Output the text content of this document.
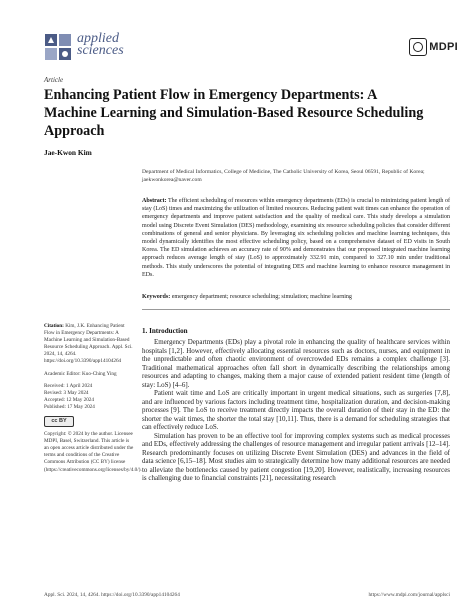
applied
sciences	MDPI
Article
Enhancing Patient Flow in Emergency Departments: A Machine Learning and Simulation-Based Resource Scheduling Approach
Jae-Kwon Kim
Department of Medical Informatics, College of Medicine, The Catholic University of Korea, Seoul 06591, Republic of Korea; jaekwonkorea@naver.com
Abstract: The efficient scheduling of resources within emergency departments (EDs) is crucial to minimizing patient length of stay (LoS) times and maximizing the utilization of limited resources. Reducing patient wait times can enhance the operation of emergency departments and improve patient satisfaction and the quality of medical care. This study develops a simulation model using Discrete Event Simulation (DES) methodology, examining six resource scheduling policies that consider different combinations of general and senior physicians. By leveraging six scheduling policies and machine learning techniques, this model dynamically identifies the most effective scheduling policy, based on a comprehensive dataset of ED visits in South Korea. The ED simulation achieves an accuracy rate of 90% and demonstrates that our proposed integrated machine learning approach reduces average length of stay (LoS) to approximately 332.91 min, compared to 327.10 min under traditional methods. This study underscores the potential of integrating DES and machine learning to enhance resource management in EDs.
Keywords: emergency department; resource scheduling; simulation; machine learning
Citation: Kim, J.K. Enhancing Patient Flow in Emergency Departments: A Machine Learning and Simulation-Based Resource Scheduling Approach. Appl. Sci. 2024, 14, 4264. https://doi.org/10.3390/app14104264
Academic Editor: Kuo-Ching Ying
Received: 1 April 2024
Revised: 3 May 2024
Accepted: 12 May 2024
Published: 17 May 2024
cc BY
Copyright: © 2024 by the author. Licensee MDPI, Basel, Switzerland. This article is an open access article distributed under the terms and conditions of the Creative Commons Attribution (CC BY) license (https://creativecommons.org/licenses/by/4.0/).
1. Introduction

Emergency Departments (EDs) play a pivotal role in enhancing the quality of healthcare services within hospitals [1,2]. However, effectively allocating essential resources such as doctors, nurses, and equipment in the unpredictable and often chaotic environment of overcrowded EDs remains a complex challenge [3]. Traditional mathematical approaches often fall short in dynamically describing the relationships among resources and adapting to changes, making them a major cause of extended patient resident time (length of stay: LoS) [4–6].

Patient wait time and LoS are critically important in urgent medical situations, such as surgeries [7,8], and are influenced by various factors including treatment time, hospitalization duration, and decision-making processes [9]. The LoS to receive treatment directly impacts the overall duration of their stay in the ED: the shorter the wait times, the shorter the total stay [10,11]. Thus, there is a demand for scheduling strategies that can effectively reduce LoS.

Simulation has proven to be an effective tool for improving complex systems such as medical processes and EDs, effectively addressing the challenges of resource management and irregular patient arrivals [12–14]. Research predominantly focuses on utilizing Discrete Event Simulation (DES) and advances in the field of data science [6,15–18]. Most studies aim to strategically determine how many additional resources are needed to alleviate the bottlenecks caused by patient congestion [19,20]. However, realistically, increasing resources is challenging due to financial constraints [21], necessitating research

Appl. Sci. 2024, 14, 4264. https://doi.org/10.3390/app14104264	https://www.mdpi.com/journal/applsci
